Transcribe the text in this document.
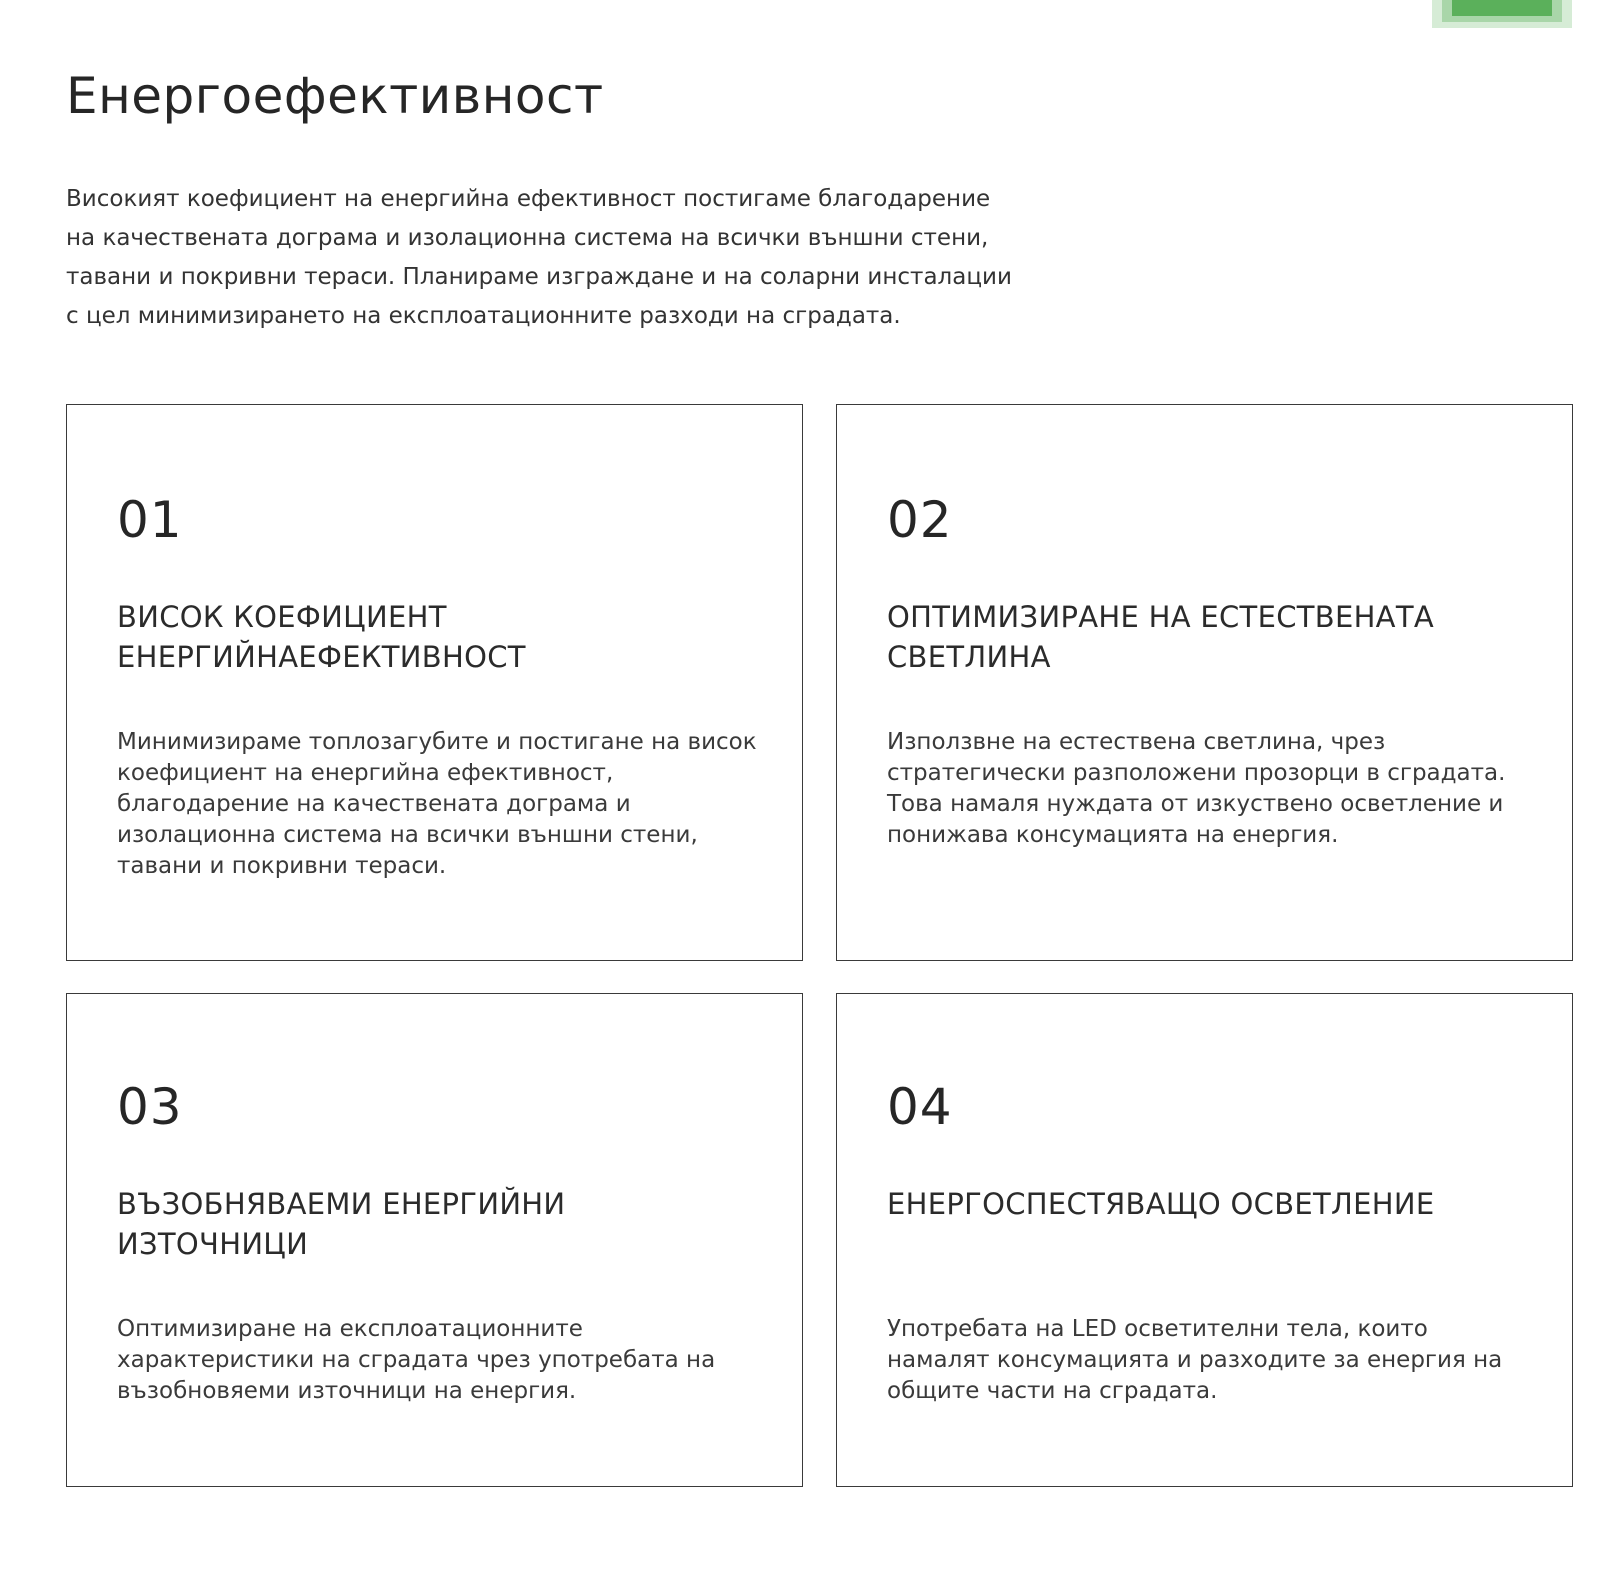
Енергоефективност

Високият коефициент на енергийна ефективност постигаме благодарение на качествената дограма и изолационна система на всички външни стени, тавани и покривни тераси. Планираме изграждане и на соларни инсталации с цел минимизирането на експлоатационните разходи на сградата.

01
ВИСОК КОЕФИЦИЕНТ ЕНЕРГИЙНАЕФЕКТИВНОСТ

Минимизираме топлозагубите и постигане на висок коефициент на енергийна ефективност, благодарение на качествената дограма и изолационна система на всички външни стени, тавани и покривни тераси.

02
ОПТИМИЗИРАНЕ НА ЕСТЕСТВЕНАТА СВЕТЛИНА

Използвне на естествена светлина, чрез стратегически разположени прозорци в сградата. Това намаля нуждата от изкуствено осветление и понижава консумацията на енергия.

03
ВЪЗОБНЯВАЕМИ ЕНЕРГИЙНИ ИЗТОЧНИЦИ

Оптимизиране на експлоатационните характеристики на сградата чрез употребата на възобновяеми източници на енергия.

04
ЕНЕРГОСПЕСТЯВАЩО ОСВЕТЛЕНИЕ

Употребата на LED осветителни тела, които намалят консумацията и разходите за енергия на общите части на сградата.
